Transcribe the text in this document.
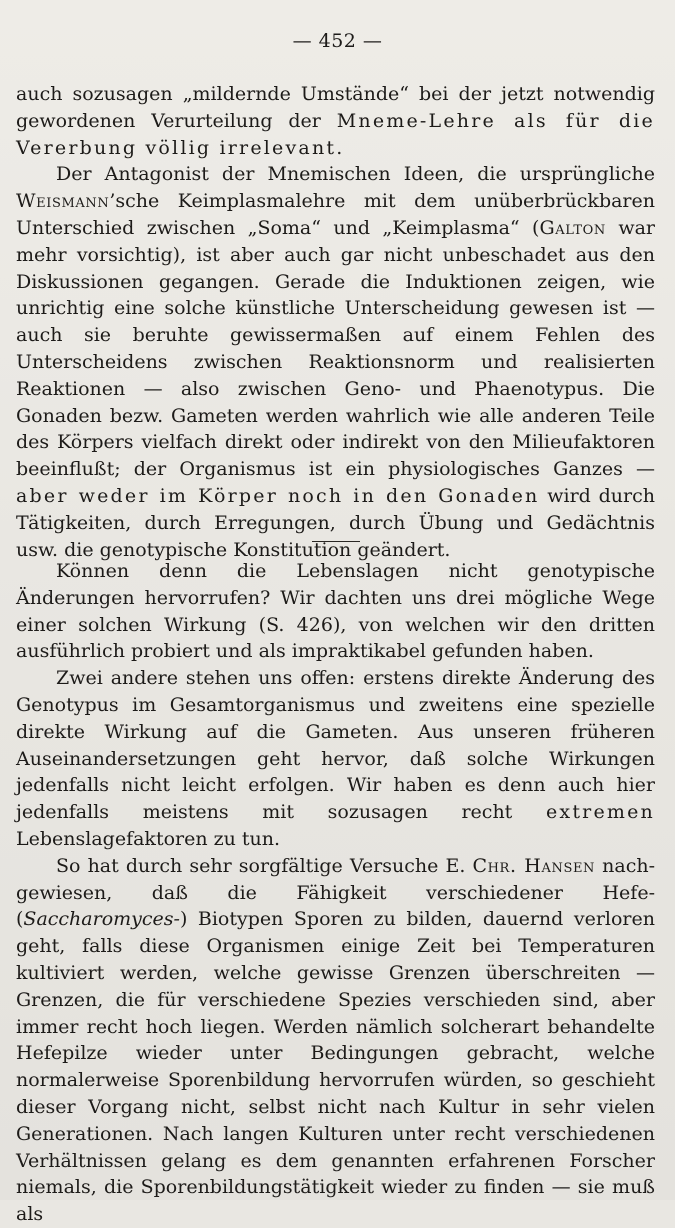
— 452 —

auch sozusagen „mildernde Umstände“ bei der jetzt notwendig gewordenen Verurteilung der Mneme-Lehre als für die Vererbung völlig irrelevant.

Der Antagonist der Mnemischen Ideen, die ursprüngliche Weismann’sche Keimplasmalehre mit dem unüberbrückbaren Unterschied zwischen „Soma“ und „Keimplasma“ (Galton war mehr vorsichtig), ist aber auch gar nicht unbeschadet aus den Diskussionen gegangen. Gerade die Induktionen zeigen, wie unrichtig eine solche künstliche Unterscheidung gewesen ist — auch sie beruhte gewissermaßen auf einem Fehlen des Unterscheidens zwischen Reaktionsnorm und realisierten Reaktionen — also zwischen Geno- und Phaenotypus. Die Gonaden bezw. Gameten werden wahrlich wie alle anderen Teile des Körpers vielfach direkt oder indirekt von den Milieufaktoren beeinflußt; der Organismus ist ein physiologisches Ganzes — aber weder im Körper noch in den Gonaden wird durch Tätigkeiten, durch Erregungen, durch Übung und Gedächtnis usw. die genotypische Konstitution geändert.

Können denn die Lebenslagen nicht genotypische Änderungen hervorrufen? Wir dachten uns drei mögliche Wege einer solchen Wirkung (S. 426), von welchen wir den dritten ausführlich probiert und als impraktikabel gefunden haben.

Zwei andere stehen uns offen: erstens direkte Änderung des Genotypus im Gesamtorganismus und zweitens eine spezielle direkte Wirkung auf die Gameten. Aus unseren früheren Auseinandersetzungen geht hervor, daß solche Wirkungen jedenfalls nicht leicht erfolgen. Wir haben es denn auch hier jedenfalls meistens mit sozusagen recht extremen Lebenslagefaktoren zu tun.

So hat durch sehr sorgfältige Versuche E. Chr. Hansen nachgewiesen, daß die Fähigkeit verschiedener Hefe- (Saccharomyces-) Biotypen Sporen zu bilden, dauernd verloren geht, falls diese Organismen einige Zeit bei Temperaturen kultiviert werden, welche gewisse Grenzen überschreiten — Grenzen, die für verschiedene Spezies verschieden sind, aber immer recht hoch liegen. Werden nämlich solcherart behandelte Hefepilze wieder unter Bedingungen gebracht, welche normalerweise Sporenbildung hervorrufen würden, so geschieht dieser Vorgang nicht, selbst nicht nach Kultur in sehr vielen Generationen. Nach langen Kulturen unter recht verschiedenen Verhältnissen gelang es dem genannten erfahrenen Forscher niemals, die Sporenbildungstätigkeit wieder zu finden — sie muß als
